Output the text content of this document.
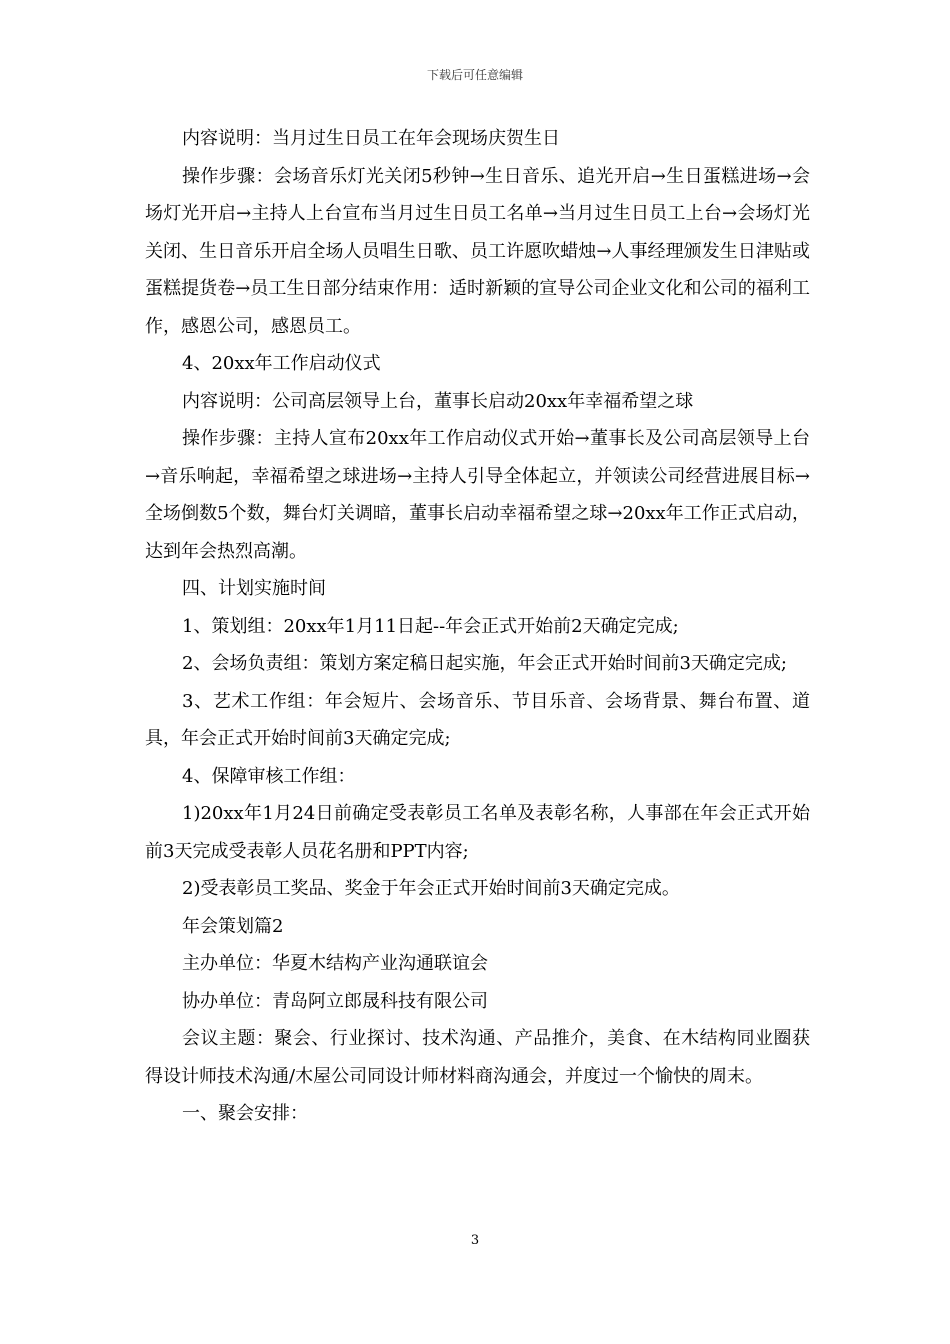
下载后可任意编辑

内容说明：当月过生日员工在年会现场庆贺生日

操作步骤：会场音乐灯光关闭5秒钟→生日音乐、追光开启→生日蛋糕进场→会场灯光开启→主持人上台宣布当月过生日员工名单→当月过生日员工上台→会场灯光关闭、生日音乐开启全场人员唱生日歌、员工许愿吹蜡烛→人事经理颁发生日津贴或蛋糕提货卷→员工生日部分结束作用：适时新颖的宣导公司企业文化和公司的福利工作，感恩公司，感恩员工。

4、20xx年工作启动仪式

内容说明：公司高层领导上台，董事长启动20xx年幸福希望之球

操作步骤：主持人宣布20xx年工作启动仪式开始→董事长及公司高层领导上台→音乐响起，幸福希望之球进场→主持人引导全体起立，并领读公司经营进展目标→全场倒数5个数，舞台灯关调暗，董事长启动幸福希望之球→20xx年工作正式启动，达到年会热烈高潮。

四、计划实施时间

1、策划组：20xx年1月11日起--年会正式开始前2天确定完成;

2、会场负责组：策划方案定稿日起实施，年会正式开始时间前3天确定完成;

3、艺术工作组：年会短片、会场音乐、节目乐音、会场背景、舞台布置、道具，年会正式开始时间前3天确定完成;

4、保障审核工作组：

1)20xx年1月24日前确定受表彰员工名单及表彰名称，人事部在年会正式开始前3天完成受表彰人员花名册和PPT内容;

2)受表彰员工奖品、奖金于年会正式开始时间前3天确定完成。

年会策划篇2

主办单位：华夏木结构产业沟通联谊会

协办单位：青岛阿立郎晟科技有限公司

会议主题：聚会、行业探讨、技术沟通、产品推介，美食、在木结构同业圈获得设计师技术沟通/木屋公司同设计师材料商沟通会，并度过一个愉快的周末。

一、聚会安排：

3
